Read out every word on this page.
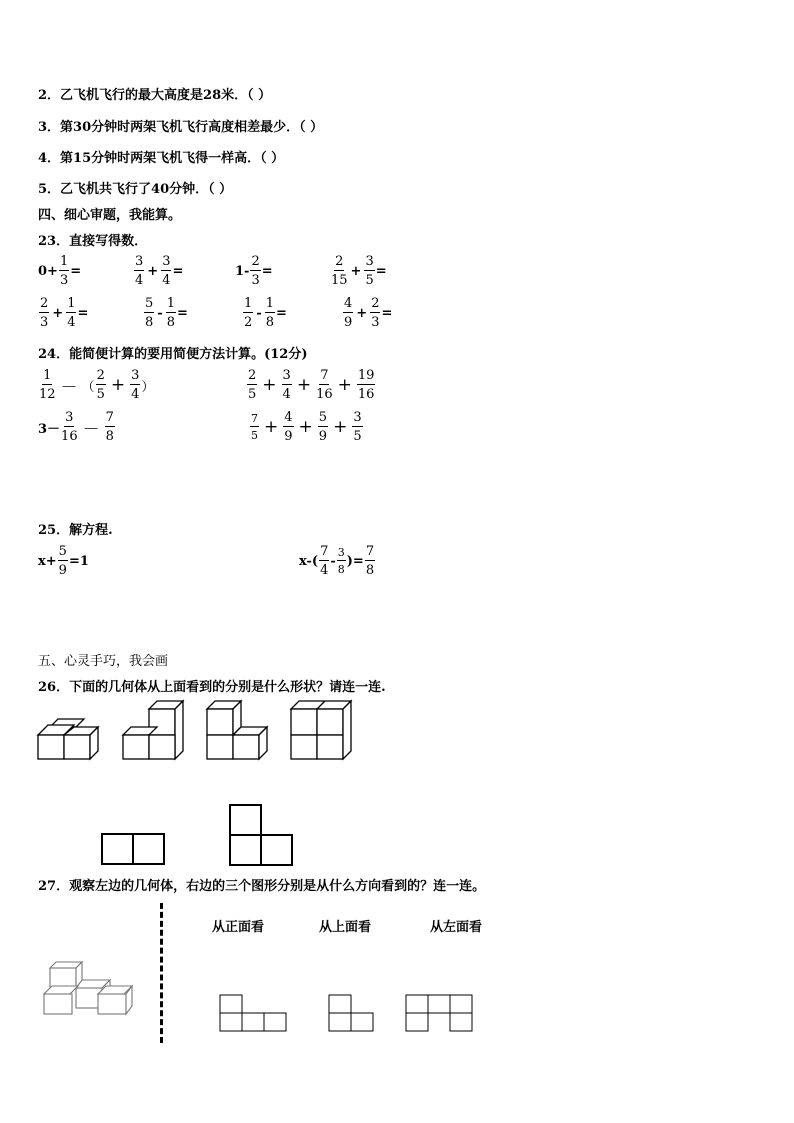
2．乙飞机飞行的最大高度是28米．（ ）
3．第30分钟时两架飞机飞行高度相差最少．（ ）
4．第15分钟时两架飞机飞得一样高．（ ）
5．乙飞机共飞行了40分钟．（ ）
四、细心审题，我能算。
23．直接写得数．
$0+ \frac{1}{3}$ =	$\frac{3}{4} + \frac{3}{4}$ =	$1- \frac{2}{3}$ =	$\frac{2}{15} + \frac{3}{5}$ =
$\frac{2}{3} + \frac{1}{4}$ =	$\frac{5}{8} - \frac{1}{8}$ =	$\frac{1}{2} - \frac{1}{8}$ =	$\frac{4}{9} + \frac{2}{3}$ =
24．能简便计算的要用简便方法计算。(12分)
$\frac{1}{12}$ － （ $\frac{2}{5} + \frac{3}{4}$ ）	$\frac{2}{5} + \frac{3}{4} + \frac{7}{16} + \frac{19}{16}$
$3- \frac{3}{16} - \frac{7}{8}$	$\frac{7}{5} + \frac{4}{9} + \frac{5}{9} + \frac{3}{5}$
25．解方程.
$x+ \frac{5}{9} =1$	$x-( \frac{7}{4} - \frac{3}{8}$ )= $\frac{7}{8}$
五、心灵手巧，我会画
26．下面的几何体从上面看到的分别是什么形状？请连一连.
27．观察左边的几何体，右边的三个图形分别是从什么方向看到的？连一连。
从正面看	从上面看	从左面看
